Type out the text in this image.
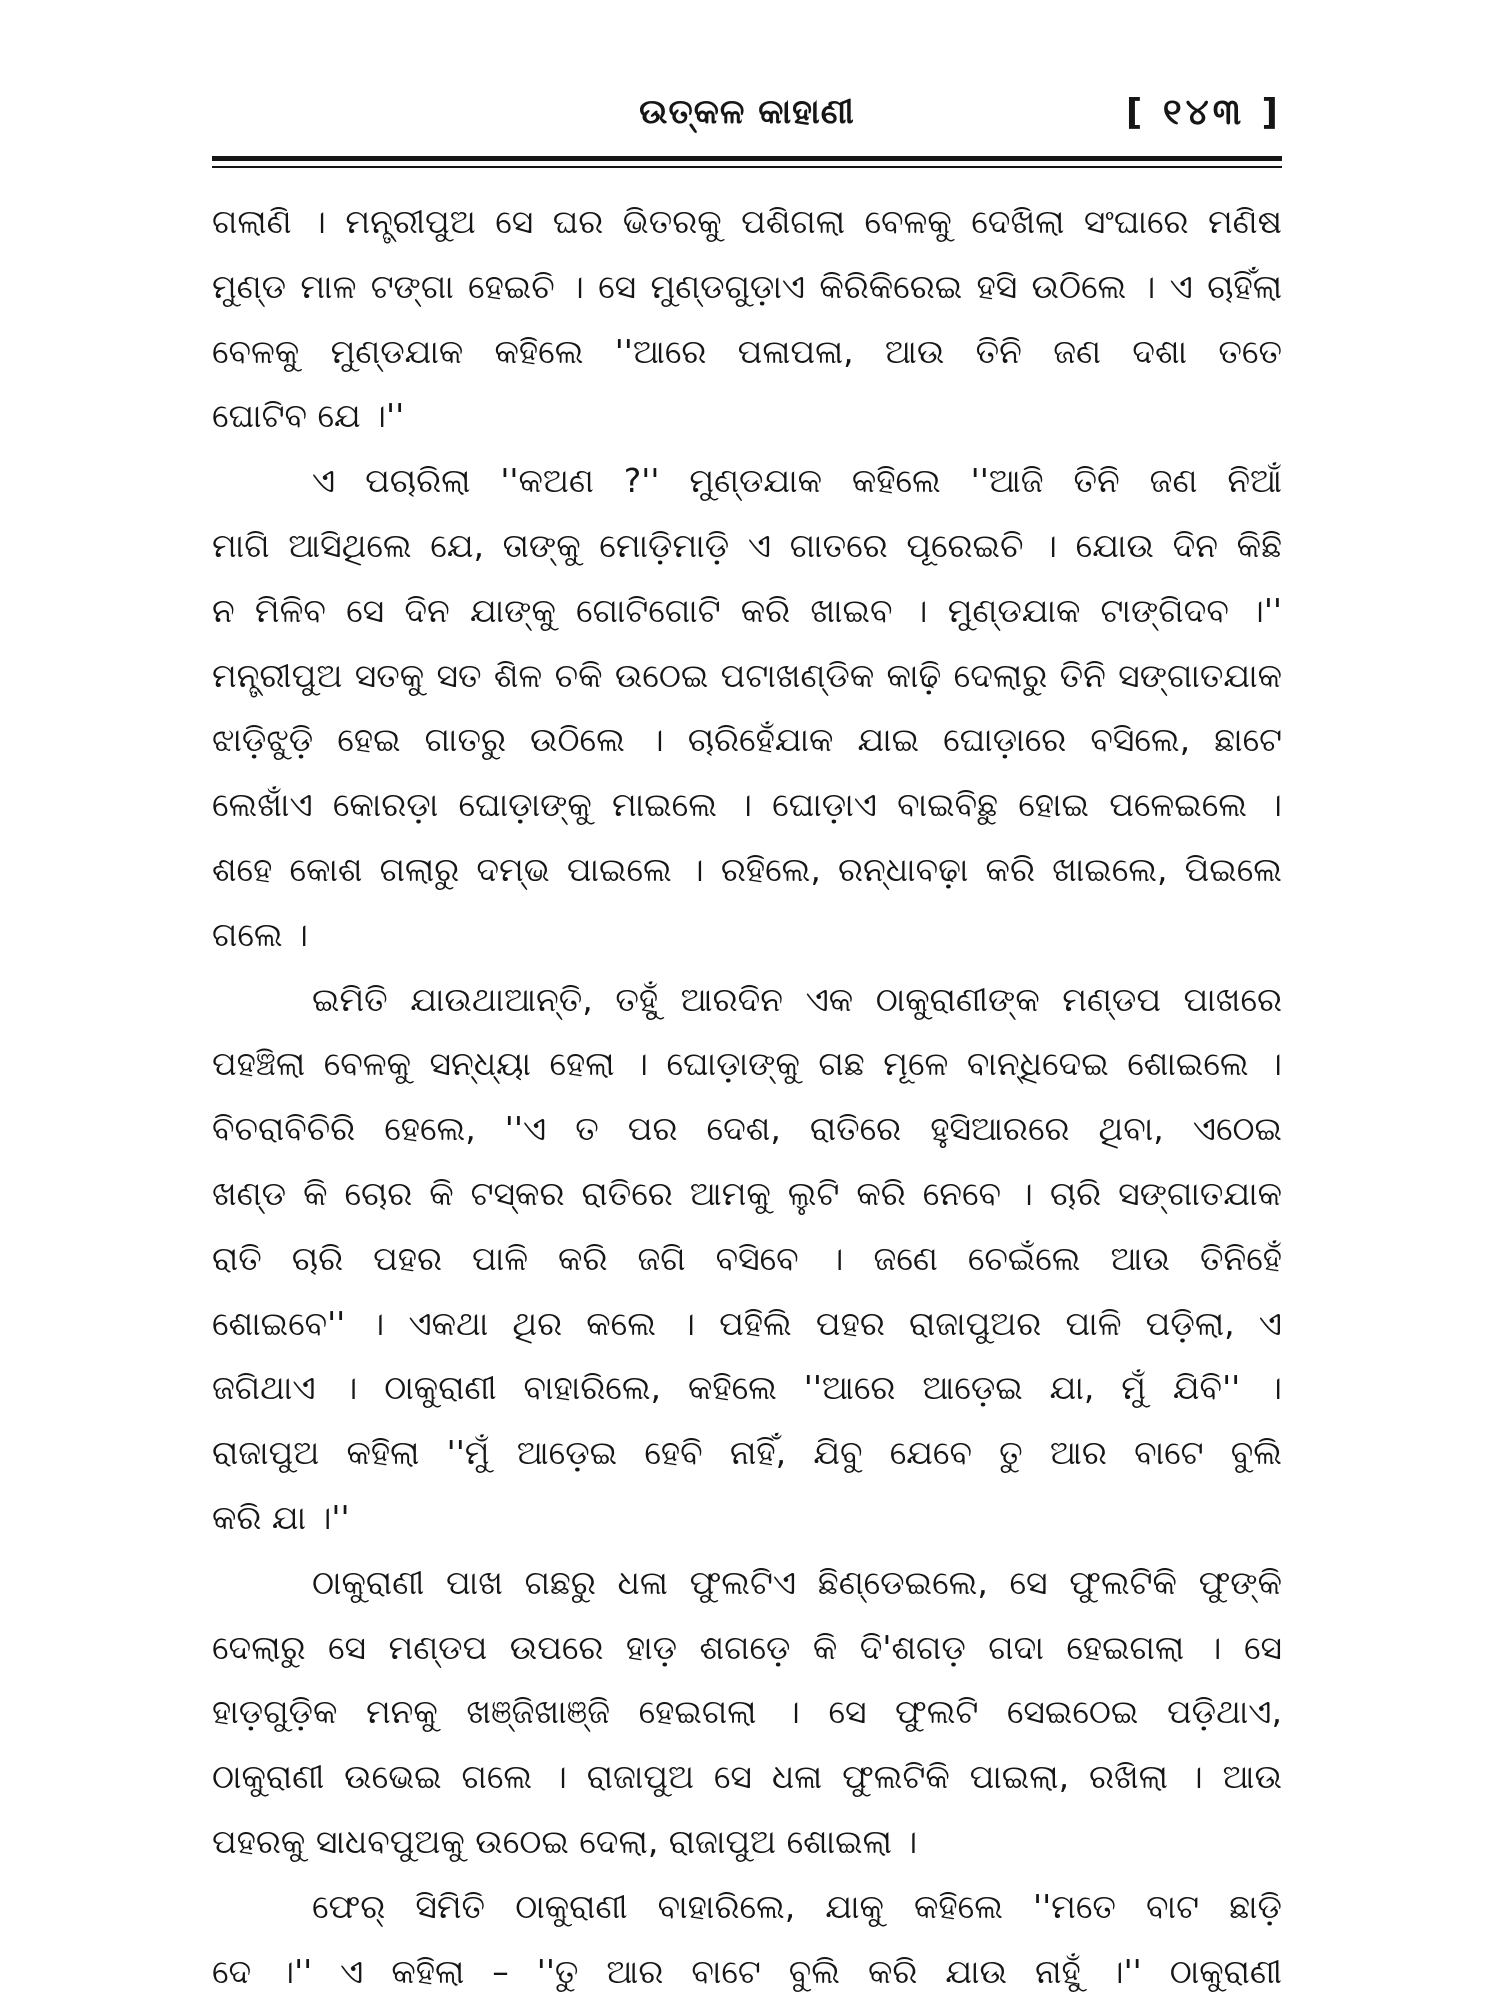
ଉତ୍କଳ କାହାଣୀ	[ ୧୪୩ ]
ଗଲାଣି । ମନ୍ତ୍ରୀପୁଅ ସେ ଘର ଭିତରକୁ ପଶିଗଲା ବେଳକୁ ଦେଖିଲା ସଂଘାରେ ମଣିଷ
ମୁଣ୍ଡ ମାଳ ଟଙ୍ଗା ହେଇଚି । ସେ ମୁଣ୍ଡଗୁଡ଼ାଏ କିରିକିରେଇ ହସି ଉଠିଲେ । ଏ ଚାହିଁଲା
ବେଳକୁ ମୁଣ୍ଡଯାକ କହିଲେ ''ଆରେ ପଳାପଳା, ଆଉ ତିନି ଜଣ ଦଶା ତତେ
ଘୋଟିବ ଯେ ।''
ଏ ପଚାରିଲା ''କଅଣ ?'' ମୁଣ୍ଡଯାକ କହିଲେ ''ଆଜି ତିନି ଜଣ ନିଆଁ
ମାଗି ଆସିଥିଲେ ଯେ, ତାଙ୍କୁ ମୋଡ଼ିମାଡ଼ି ଏ ଗାତରେ ପୂରେଇଚି । ଯୋଉ ଦିନ କିଛି
ନ ମିଳିବ ସେ ଦିନ ଯାଙ୍କୁ ଗୋଟିଗୋଟି କରି ଖାଇବ । ମୁଣ୍ଡଯାକ ଟାଙ୍ଗିଦବ ।''
ମନ୍ତ୍ରୀପୁଅ ସତକୁ ସତ ଶିଳ ଚକି ଉଠେଇ ପଟାଖଣ୍ଡିକ କାଢ଼ି ଦେଲାରୁ ତିନି ସଙ୍ଗାତଯାକ
ଝାଡ଼ିଝୁଡ଼ି ହେଇ ଗାତରୁ ଉଠିଲେ । ଚାରିହେଁଯାକ ଯାଇ ଘୋଡ଼ାରେ ବସିଲେ, ଛାଟେ
ଲେଖାଁଏ କୋରଡ଼ା ଘୋଡ଼ାଙ୍କୁ ମାଇଲେ । ଘୋଡ଼ାଏ ବାଇବିଛୁ ହୋଇ ପଳେଇଲେ ।
ଶହେ କୋଶ ଗଲାରୁ ଦମ୍ଭ ପାଇଲେ । ରହିଲେ, ରନ୍ଧାବଢ଼ା କରି ଖାଇଲେ, ପିଇଲେ
ଗଲେ ।
ଇମିତି ଯାଉଥାଆନ୍ତି, ତହୁଁ ଆରଦିନ ଏକ ଠାକୁରାଣୀଙ୍କ ମଣ୍ଡପ ପାଖରେ
ପହଞ୍ଚିଲା ବେଳକୁ ସନ୍ଧ୍ୟା ହେଲା । ଘୋଡ଼ାଙ୍କୁ ଗଛ ମୂଳେ ବାନ୍ଧିଦେଇ ଶୋଇଲେ ।
ବିଚରାବିଚିରି ହେଲେ, ''ଏ ତ ପର ଦେଶ, ରାତିରେ ହୁସିଆରରେ ଥିବା, ଏଠେଇ
ଖଣ୍ଡ କି ଚୋର କି ଟସ୍କର ରାତିରେ ଆମକୁ ଲୁଟି କରି ନେବେ । ଚାରି ସଙ୍ଗାତଯାକ
ରାତି ଚାରି ପହର ପାଳି କରି ଜଗି ବସିବେ । ଜଣେ ଚେଇଁଲେ ଆଉ ତିନିହେଁ
ଶୋଇବେ'' । ଏକଥା ଥିର କଲେ । ପହିଲି ପହର ରାଜାପୁଅର ପାଳି ପଡ଼ିଲା, ଏ
ଜଗିଥାଏ । ଠାକୁରାଣୀ ବାହାରିଲେ, କହିଲେ ''ଆରେ ଆଡ଼େଇ ଯା, ମୁଁ ଯିବି'' ।
ରାଜାପୁଅ କହିଲା ''ମୁଁ ଆଡ଼େଇ ହେବି ନାହିଁ, ଯିବୁ ଯେବେ ତୁ ଆର ବାଟେ ବୁଲି
କରି ଯା ।''
ଠାକୁରାଣୀ ପାଖ ଗଛରୁ ଧଳା ଫୁଲଟିଏ ଛିଣ୍ଡେଇଲେ, ସେ ଫୁଲଟିକି ଫୁଙ୍କି
ଦେଲାରୁ ସେ ମଣ୍ଡପ ଉପରେ ହାଡ଼ ଶଗଡ଼େ କି ଦି'ଶଗଡ଼ ଗଦା ହେଇଗଲା । ସେ
ହାଡ଼ଗୁଡ଼ିକ ମନକୁ ଖଞ୍ଜିଖାଞ୍ଜି ହେଇଗଲା । ସେ ଫୁଲଟି ସେଇଠେଇ ପଡ଼ିଥାଏ,
ଠାକୁରାଣୀ ଉଭେଇ ଗଲେ । ରାଜାପୁଅ ସେ ଧଳା ଫୁଲଟିକି ପାଇଲା, ରଖିଲା । ଆଉ
ପହରକୁ ସାଧବପୁଅକୁ ଉଠେଇ ଦେଲା, ରାଜାପୁଅ ଶୋଇଲା ।
ଫେର୍ ସିମିତି ଠାକୁରାଣୀ ବାହାରିଲେ, ଯାକୁ କହିଲେ ''ମତେ ବାଟ ଛାଡ଼ି
ଦେ ।'' ଏ କହିଲା – ''ତୁ ଆର ବାଟେ ବୁଲି କରି ଯାଉ ନାହୁଁ ।'' ଠାକୁରାଣୀ
